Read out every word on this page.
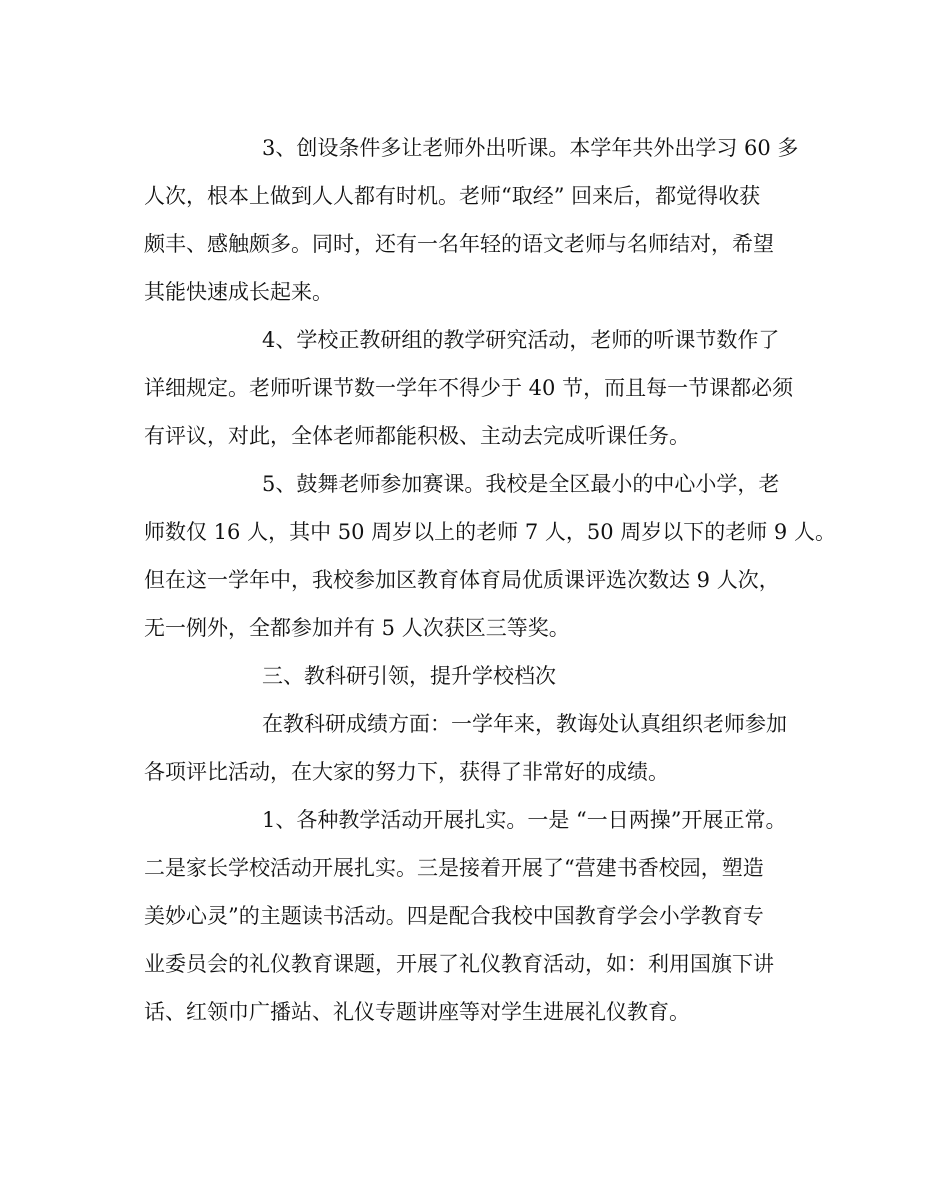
3、创设条件多让老师外出听课。本学年共外出学习 60 多

人次，根本上做到人人都有时机。老师“取经” 回来后，都觉得收获

颇丰、感触颇多。同时，还有一名年轻的语文老师与名师结对，希望

其能快速成长起来。

4、学校正教研组的教学研究活动，老师的听课节数作了

详细规定。老师听课节数一学年不得少于 40 节，而且每一节课都必须

有评议，对此，全体老师都能积极、主动去完成听课任务。

5、鼓舞老师参加赛课。我校是全区最小的中心小学，老

师数仅 16 人，其中 50 周岁以上的老师 7 人，50 周岁以下的老师 9 人。

但在这一学年中，我校参加区教育体育局优质课评选次数达 9 人次，

无一例外，全都参加并有 5 人次获区三等奖。

三、教科研引领，提升学校档次

在教科研成绩方面：一学年来，教诲处认真组织老师参加

各项评比活动，在大家的努力下，获得了非常好的成绩。

1、各种教学活动开展扎实。一是 “一日两操”开展正常。

二是家长学校活动开展扎实。三是接着开展了“营建书香校园，塑造

美妙心灵”的主题读书活动。四是配合我校中国教育学会小学教育专

业委员会的礼仪教育课题，开展了礼仪教育活动，如：利用国旗下讲

话、红领巾广播站、礼仪专题讲座等对学生进展礼仪教育。
